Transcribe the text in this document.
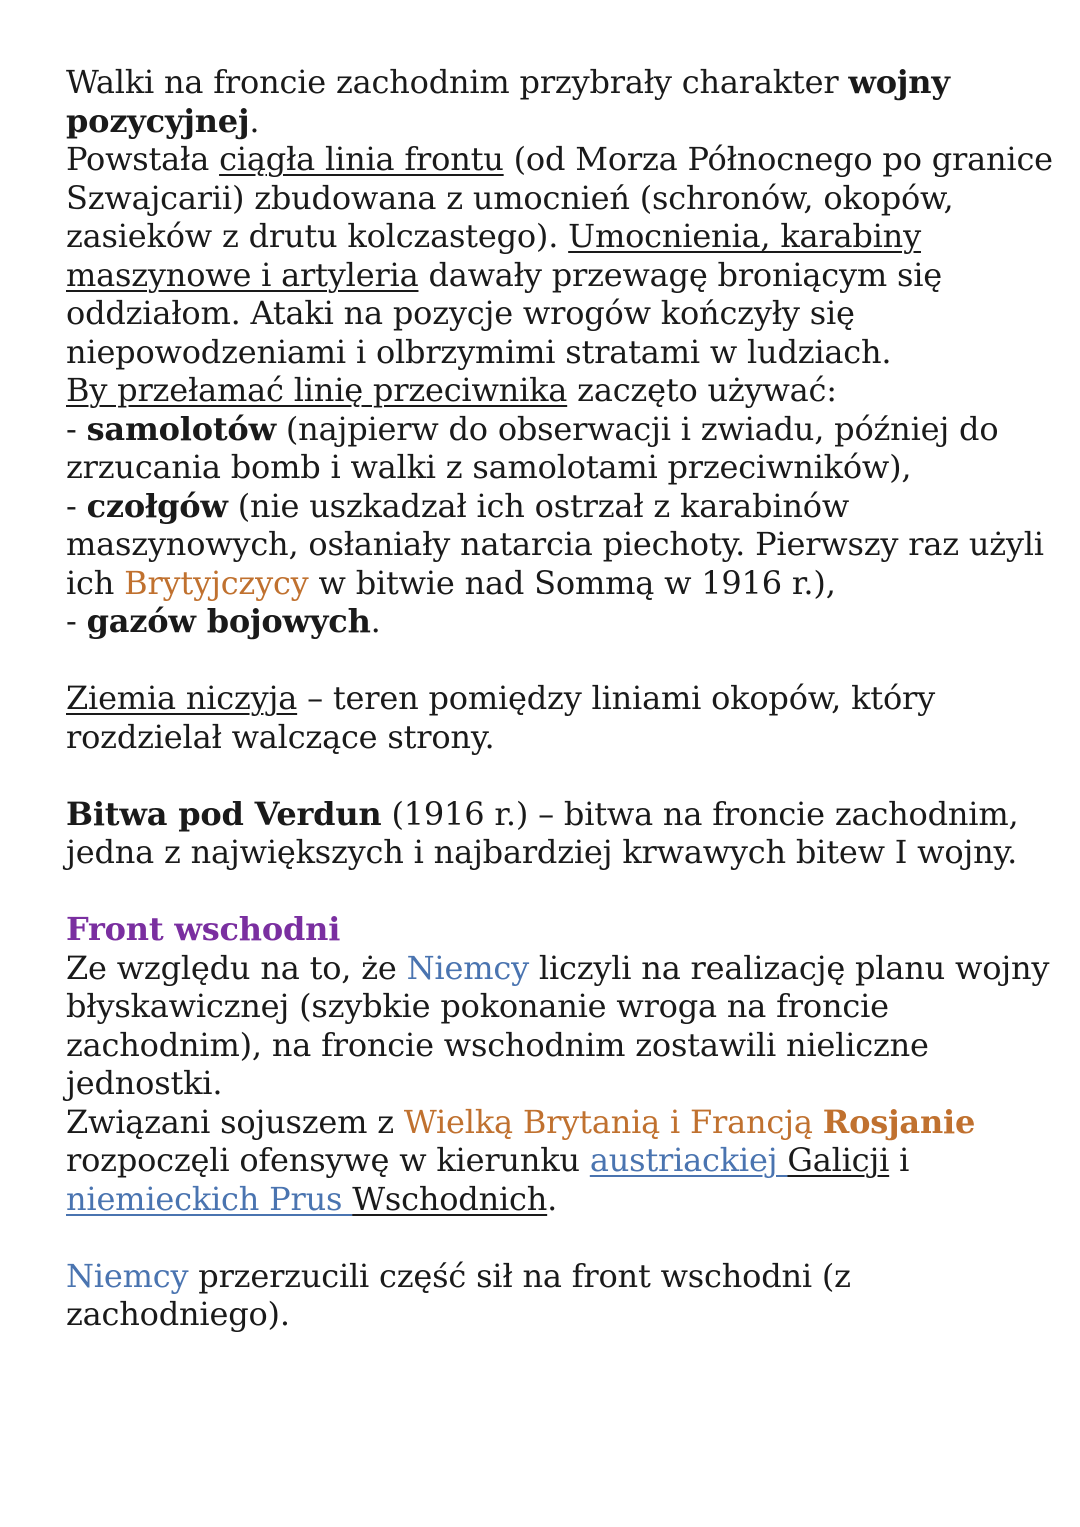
Walki na froncie zachodnim przybrały charakter wojny pozycyjnej.

Powstała ciągła linia frontu (od Morza Północnego po granice Szwajcarii) zbudowana z umocnień (schronów, okopów, zasieków z drutu kolczastego). Umocnienia, karabiny maszynowe i artyleria dawały przewagę broniącym się oddziałom. Ataki na pozycje wrogów kończyły się niepowodzeniami i olbrzymimi stratami w ludziach.

By przełamać linię przeciwnika zaczęto używać:

- samolotów (najpierw do obserwacji i zwiadu, później do zrzucania bomb i walki z samolotami przeciwników),

- czołgów (nie uszkadzał ich ostrzał z karabinów maszynowych, osłaniały natarcia piechoty. Pierwszy raz użyli ich Brytyjczycy w bitwie nad Sommą w 1916 r.),

- gazów bojowych.

Ziemia niczyja – teren pomiędzy liniami okopów, który rozdzielał walczące strony.

Bitwa pod Verdun (1916 r.) – bitwa na froncie zachodnim, jedna z największych i najbardziej krwawych bitew I wojny.

Front wschodni

Ze względu na to, że Niemcy liczyli na realizację planu wojny błyskawicznej (szybkie pokonanie wroga na froncie zachodnim), na froncie wschodnim zostawili nieliczne jednostki.

Związani sojuszem z Wielką Brytanią i Francją Rosjanie rozpoczęli ofensywę w kierunku austriackiej Galicji i niemieckich Prus Wschodnich.

Niemcy przerzucili część sił na front wschodni (z zachodniego).
